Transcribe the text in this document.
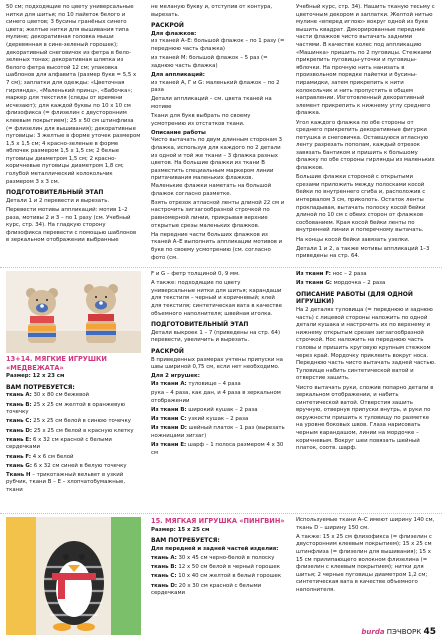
50 см; подходящие по цвету универсальные нитки для шитья; по 10 пайеток белого и синего цветов; 3 бусины гранёных синего цвета; желтые нитки для вышивания типа мулине; декоративная головка мыши (деревянная в сине-зеленый горошек); декоративный снеговичок из фетра в бело-зеленых тонах; декоративная шляпка из белого фетра высотой 12 см; упаковка шаблонов для алфавита (размер букв = 5,5 х 7 см); заплатки для одежды: «Цветочная гирлянда», «Маленький принц», «Бабочка»; маркер для текстиля (следы от времени исчезают); для каждой буквы по 10 х 10 см флизофикса (= флизелин с двусторонним клеевым покрытием); 25 х 50 см штинфлиза (= флизелин для вышивания); декоративные пуговицы: 3 желтые в форме уточек размером 1,5 х 1,5 см; 4 красно-зеленые в форме яблочек размером 1,5 х 1,5 см; 2 белые пуговицы диаметром 1,5 см; 2 красно-коричневые пуговицы диаметром 1,8 см; голубой металлический колокольчик размером 3 х 3 см.

ПОДГОТОВИТЕЛЬНЫЙ ЭТАП

Детали 1 и 2 перевести и вырезать.

Перевести мотивы аппликаций: мотив 1–2 раза, мотивы 2 и 3 – по 1 разу (см. Учебный курс, стр. 34). На гладкую сторону флизофикса перевести с помощью шаблонов в зеркальном отображении выбранные

не меланую букву и, отступив от контура, вырезать.

РАСКРОЙ
Для флажков:

из тканей А–Е: большой флажок – по 1 разу (= переднюю часть флажка)

из тканей М: большой флажок – 5 раз (= заднюю часть флажка)

Для аппликаций:

из тканей А, Г и G: маленький флажок – по 2 раза

Детали аппликаций – см. цвета тканей на мотиве

Ткани для букв выбрать по своему усмотрению из отстатков ткани.

Описание работы

Чисто вытачать по двум длинным сторонам 3 флажка, используя для каждого по 2 детали из одной и той же ткани – 3 флажка разных цветов. На большие флажки из ткани В разместить специальным маркером линии притачивания маленьких флажков. Маленькие флажки наметать на большой флажок согласно разметке.

Взять отрезок атласной ленты длиной 22 см и настрочить зигзагообразной строчкой по равномерной линии, прикрывая верхние открытые срезы маленьких флажков.

На передние части больших флажков из тканей А–Е выполнить аппликации мотивов и букв по своему усмотрению (см. согласно фото (см.

Учебный курс, стр. 34). Нашить тканую тесьму с цветочным декором и заплатки. Желтой нитью мулине «вперед иглою» вокруг одной из букв вышить квадрат. Декорированные передние части флажков чисто вытачать задними частями. В качестве колес под аппликацию «Машинка» пришить по 2 пуговицы. Стежками прикрепить пуговицы-уточки и пуговицы-яблочки. На прочную нить нанизать в произвольном порядке пайетки и бусины-пирамидки, затем прикрепить к нити колокольчик и нить пропустить в общем направлении. Изготовленный декоративный элемент прикрепить к нижнему углу среднего флажка.

Угол каждого флажка по обе стороны от среднего прикрепить декоративные фигурки петушка и снеговичка. Оставшуюся атласную ленту разрезать пополам, каждый отрезок завязать бантиком и пришить к большому флажку по обе стороны гирлянды из маленьких флажков.

Большие флажки стороной с открытыми срезами приложить между полосками косой бейки по внутреннего сгиба и, расположив с интервалом 3 см, приколоть. Остаток ленты прокладывая, вытачать полоску косой бейки длиной по 10 см с обеих сторон от флажков сосбованием. Края косой бейки ленты по внутренней линии и поперечному вытачать.

На концы косой бейки завязать узелки.

Детали 1 и 2, а также мотивы аппликаций 1–3 приведены на стр. 64.

13+14. МЯГКИЕ ИГРУШКИ «МЕДВЕЖАТА»

Размер: 12 х 23 см

ВАМ ПОТРЕБУЕТСЯ:

ткань А: 30 х 80 см бежевой

ткань В: 25 х 25 см желтой в оранжевую точечку

ткань С: 25 х 25 см белой в синюю точечку

ткань D: 25 х 25 см белой в красную клетку

ткань Е: 6 х 32 см красной с белыми сердечками

ткань F: 4 х 6 см белой

ткань G: 6 х 32 см синей в белую точечку

Ткань Н – трикотажный вельвет в узкий рубчик, ткани В – Е – хлопчатобумажные, ткани

F и G – фетр толщиной 0, 9 мм.

А также: подходящие по цвету универсальные нитки для шитья; карандаши для текстиля – черный и коричневый; клей для текстиля; синтетическая вата в качестве объемного наполнителя; швейная иголка.

ПОДГОТОВИТЕЛЬНЫЙ ЭТАП

Детали выкроек 1 – 7 (приведены на стр. 64) перевести, увеличить и вырезать.

РАСКРОЙ

В приведенных размерах учтены припуски на швы шириной 0,75 см, если нет необходимо.

Для 2 игрушек:

Из ткани А: туловище – 4 раза

рука – 4 раза, как дан, и 4 раза в зеркальном отображении

Из ткани В: широкий кушак – 2 раза

Из ткани С: узкий кушак – 2 раза

Из ткани D: шейный платок – 1 раз (вырезать ножницами зигзаг)

Из ткани Е: шарф – 1 полоса размером 4 х 30 см

Из ткани F: нос – 2 раза

Из ткани G: мордочка – 2 раза

ОПИСАНИЕ РАБОТЫ (ДЛЯ ОДНОЙ ИГРУШКИ)

На 2 деталях туловища (= переднюю и заднюю часть) с лицевой стороны наложить по одной детали кушака и настрочить их по верхнему и нижнему открытым срезам зигзагообразной строчкой. Нос наложить на переднюю часть головы и пришить круговую крупным стежком через край. Мордочку приклеить вокруг носа. Переднюю часть чисто вытачать задней частью. Туловище набить синтетической ватой и отверстие зашить.

Чисто вытачать руки, сложив попарно детали в зеркальном отображении, и набить синтетической ватой. Отверстия зашить вручную, отвернув припуски внутрь, и руки по окружности пришить к туловищу по разметке на уровне боковых швов. Глаза нарисовать черным карандашом, линии на мордочке – коричневым. Вокруг шеи повязать шейный платок, соотв. шарф.

15. МЯГКАЯ ИГРУШКА «ПИНГВИН»

Размер: 15 х 25 см

ВАМ ПОТРЕБУЕТСЯ:

Для передней и задней частей изделия:

ткань А: 30 х 45 см черно-белой в полоску

ткань В: 12 х 50 см белой в черный горошек

ткань С: 10 х 40 см желтой в белый горошек

ткань D: 20 х 30 см красной с белыми сердечками

Используемые ткани А–С имеют ширину 140 см, ткань D – ширину 150 см.

А также: 15 х 25 см флизофикса (= флизелин с двусторонним клеевым покрытием); 15 х 25 см штинфлиза (= флизелин для вышивания); 15 х 15 см прилипающего волокном флизелина (= флизелин с клеевым покрытием); нитки для шитья; 2 черные пуговицы диаметром 1,2 см; синтетическая вата в качестве объемного наполнителя.

burda ПЭЧВОРК 45
